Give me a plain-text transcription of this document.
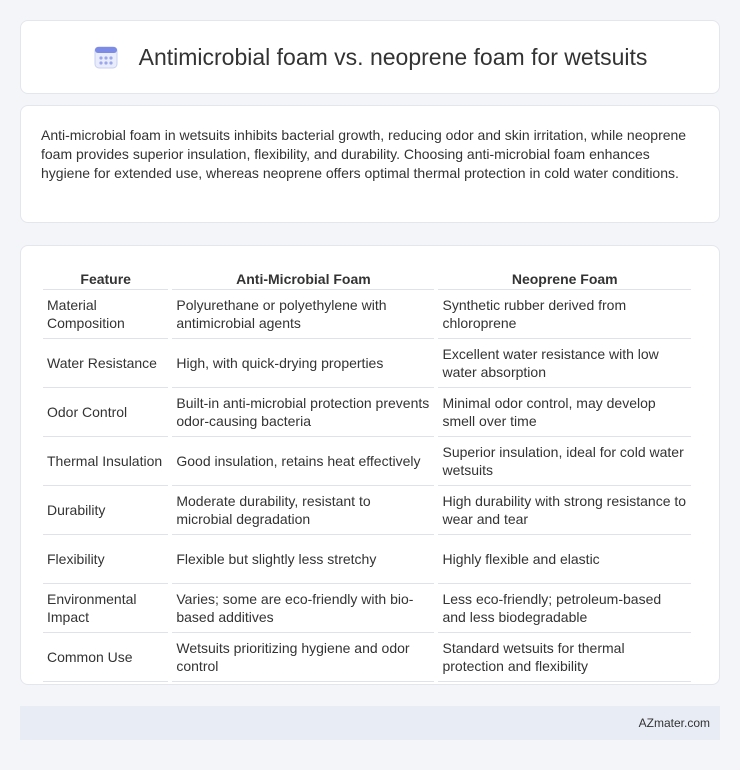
Antimicrobial foam vs. neoprene foam for wetsuits

Anti-microbial foam in wetsuits inhibits bacterial growth, reducing odor and skin irritation, while neoprene foam provides superior insulation, flexibility, and durability. Choosing anti-microbial foam enhances hygiene for extended use, whereas neoprene offers optimal thermal protection in cold water conditions.

Feature	Anti-Microbial Foam	Neoprene Foam
Material Composition	Polyurethane or polyethylene with antimicrobial agents	Synthetic rubber derived from chloroprene
Water Resistance	High, with quick-drying properties	Excellent water resistance with low water absorption
Odor Control	Built-in anti-microbial protection prevents odor-causing bacteria	Minimal odor control, may develop smell over time
Thermal Insulation	Good insulation, retains heat effectively	Superior insulation, ideal for cold water wetsuits
Durability	Moderate durability, resistant to microbial degradation	High durability with strong resistance to wear and tear
Flexibility	Flexible but slightly less stretchy	Highly flexible and elastic
Environmental Impact	Varies; some are eco-friendly with bio-based additives	Less eco-friendly; petroleum-based and less biodegradable
Common Use	Wetsuits prioritizing hygiene and odor control	Standard wetsuits for thermal protection and flexibility
AZmater.com
